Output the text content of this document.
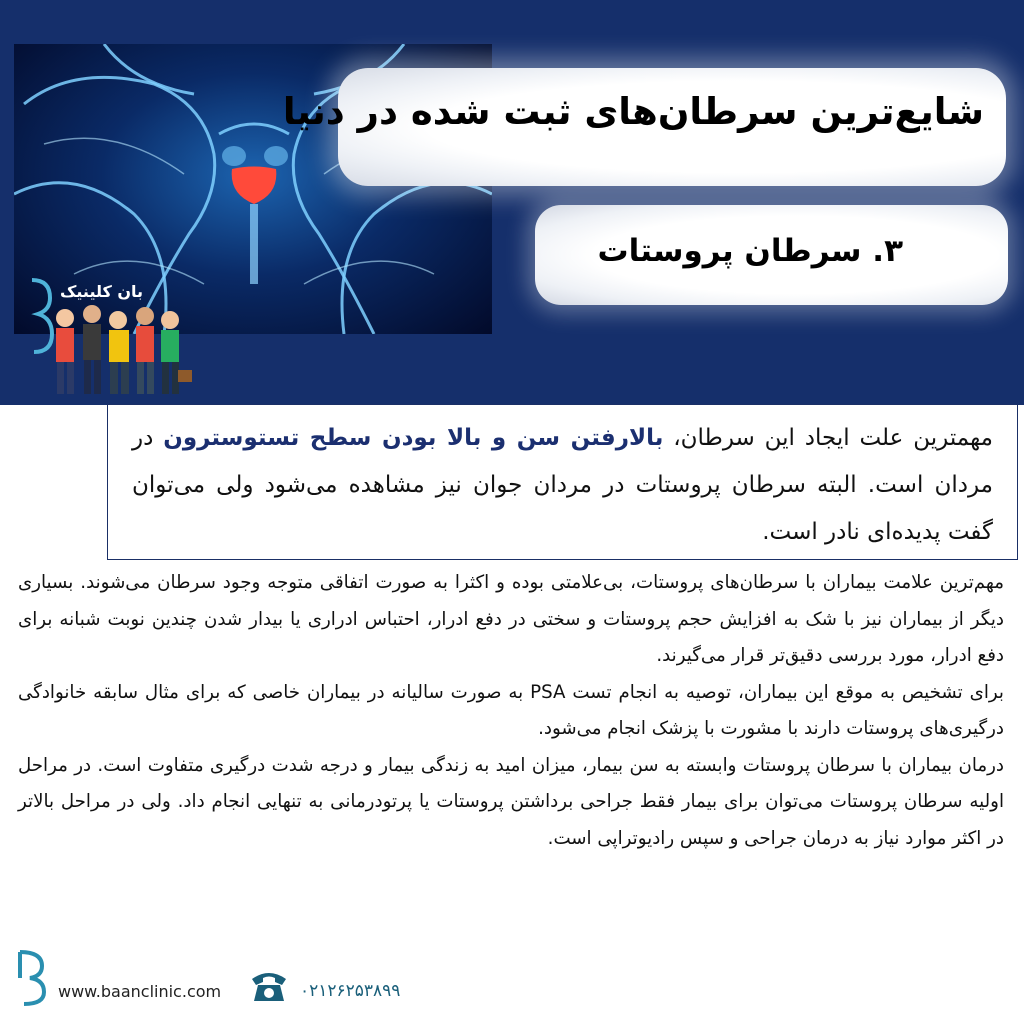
بان کلینیک
شایع‌ترین سرطان‌های ثبت شده در دنیا
۳. سرطان پروستات

مهمترین علت ایجاد این سرطان، بالارفتن سن و بالا بودن سطح تستوسترون در مردان است. البته سرطان پروستات در مردان جوان نیز مشاهده می‌شود ولی می‌توان گفت پدیده‌ای نادر است.

مهم‌ترین علامت بیماران با سرطان‌های پروستات، بی‌علامتی بوده و اکثرا به صورت اتفاقی متوجه وجود سرطان می‌شوند. بسیاری دیگر از بیماران نیز با شک به افزایش حجم پروستات و سختی در دفع ادرار، احتباس ادراری یا بیدار شدن چندین نوبت شبانه برای دفع ادرار، مورد بررسی دقیق‌تر قرار می‌گیرند.

برای تشخیص به موقع این بیماران، توصیه به انجام تست PSA به صورت سالیانه در بیماران خاصی که برای مثال سابقه خانوادگی درگیری‌های پروستات دارند با مشورت با پزشک انجام می‌شود.

درمان بیماران با سرطان پروستات وابسته به سن بیمار، میزان امید به زندگی بیمار و درجه شدت درگیری متفاوت است. در مراحل اولیه سرطان پروستات می‌توان برای بیمار فقط جراحی برداشتن پروستات یا پرتودرمانی به تنهایی انجام داد. ولی در مراحل بالاتر در اکثر موارد نیاز به درمان جراحی و سپس رادیوتراپی است.

www.baanclinic.com	۰۲۱۲۶۲۵۳۸۹۹
